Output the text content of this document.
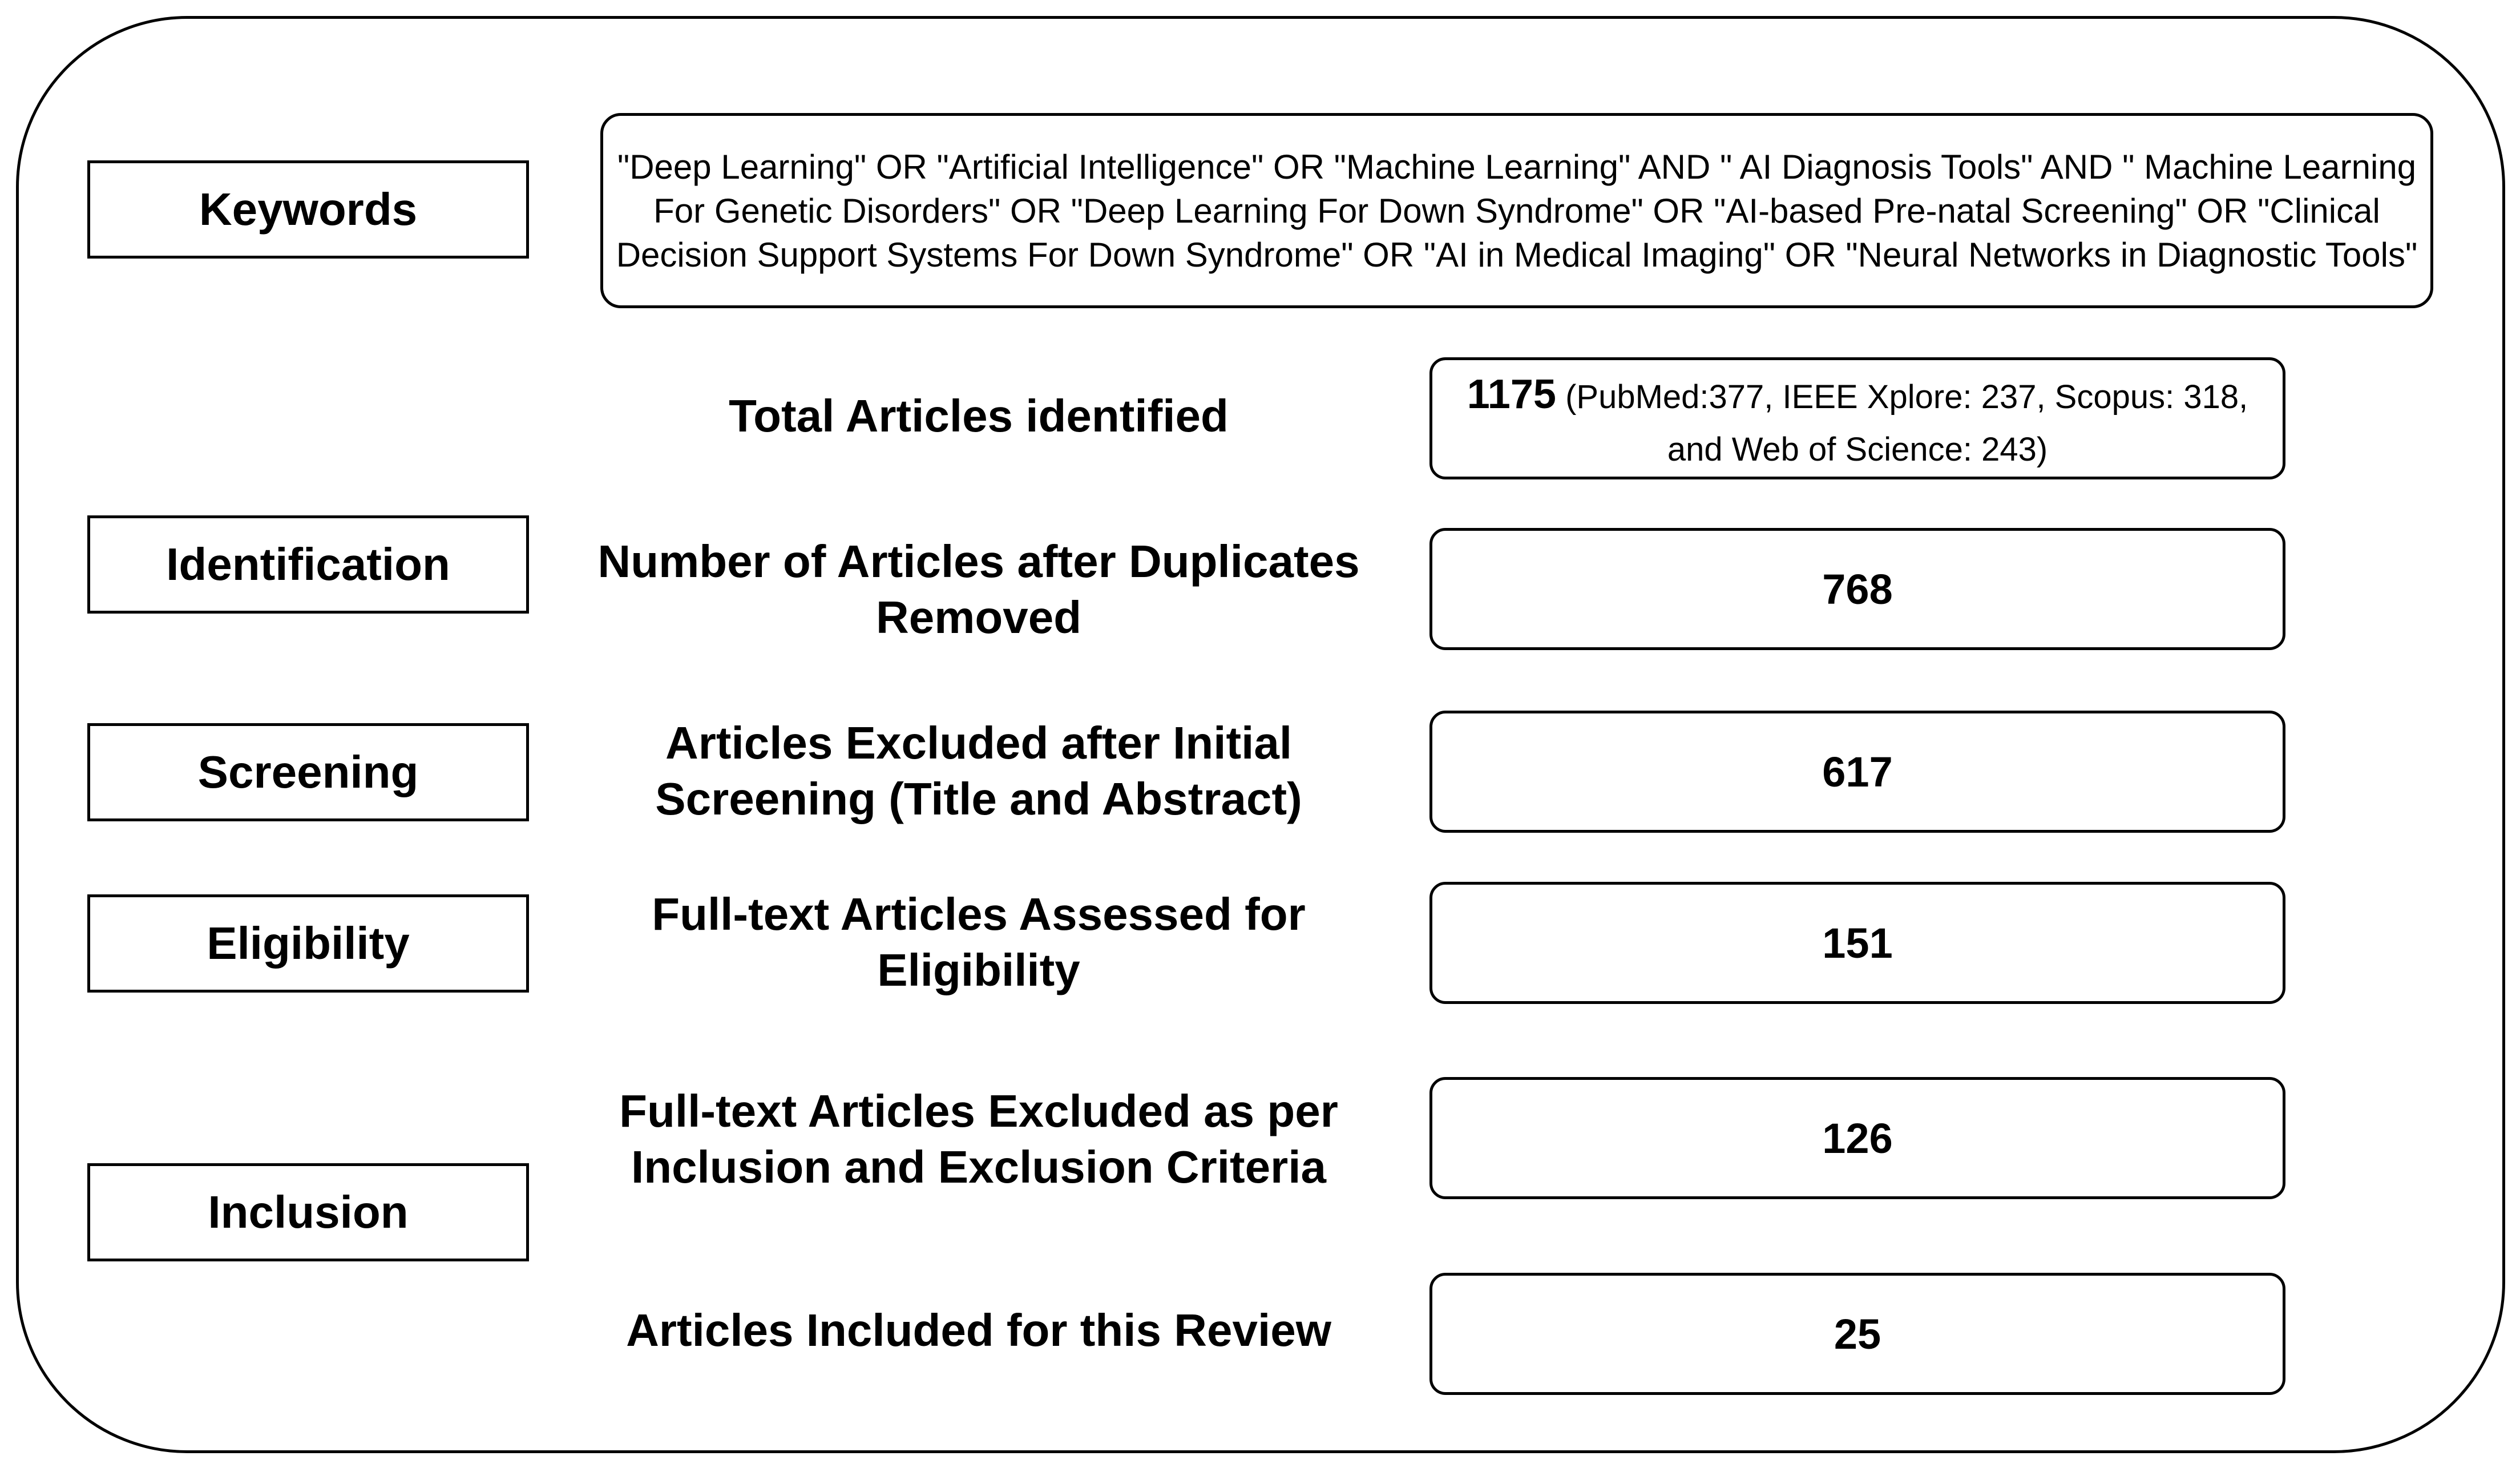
Keywords
Identification
Screening
Eligibility
Inclusion
"Deep Learning" OR "Artificial Intelligence" OR "Machine Learning" AND " AI Diagnosis Tools" AND " Machine Learning For Genetic Disorders" OR "Deep Learning For Down Syndrome" OR "AI-based Pre-natal Screening" OR "Clinical Decision Support Systems For Down Syndrome" OR "AI in Medical Imaging" OR "Neural Networks in Diagnostic Tools"
Total Articles identified
Number of Articles after Duplicates Removed
Articles Excluded after Initial Screening (Title and Abstract)
Full-text Articles Assessed for Eligibility
Full-text Articles Excluded as per Inclusion and Exclusion Criteria
Articles Included for this Review
1175 (PubMed:377, IEEE Xplore: 237, Scopus: 318, and Web of Science: 243)
768
617
151
126
25
